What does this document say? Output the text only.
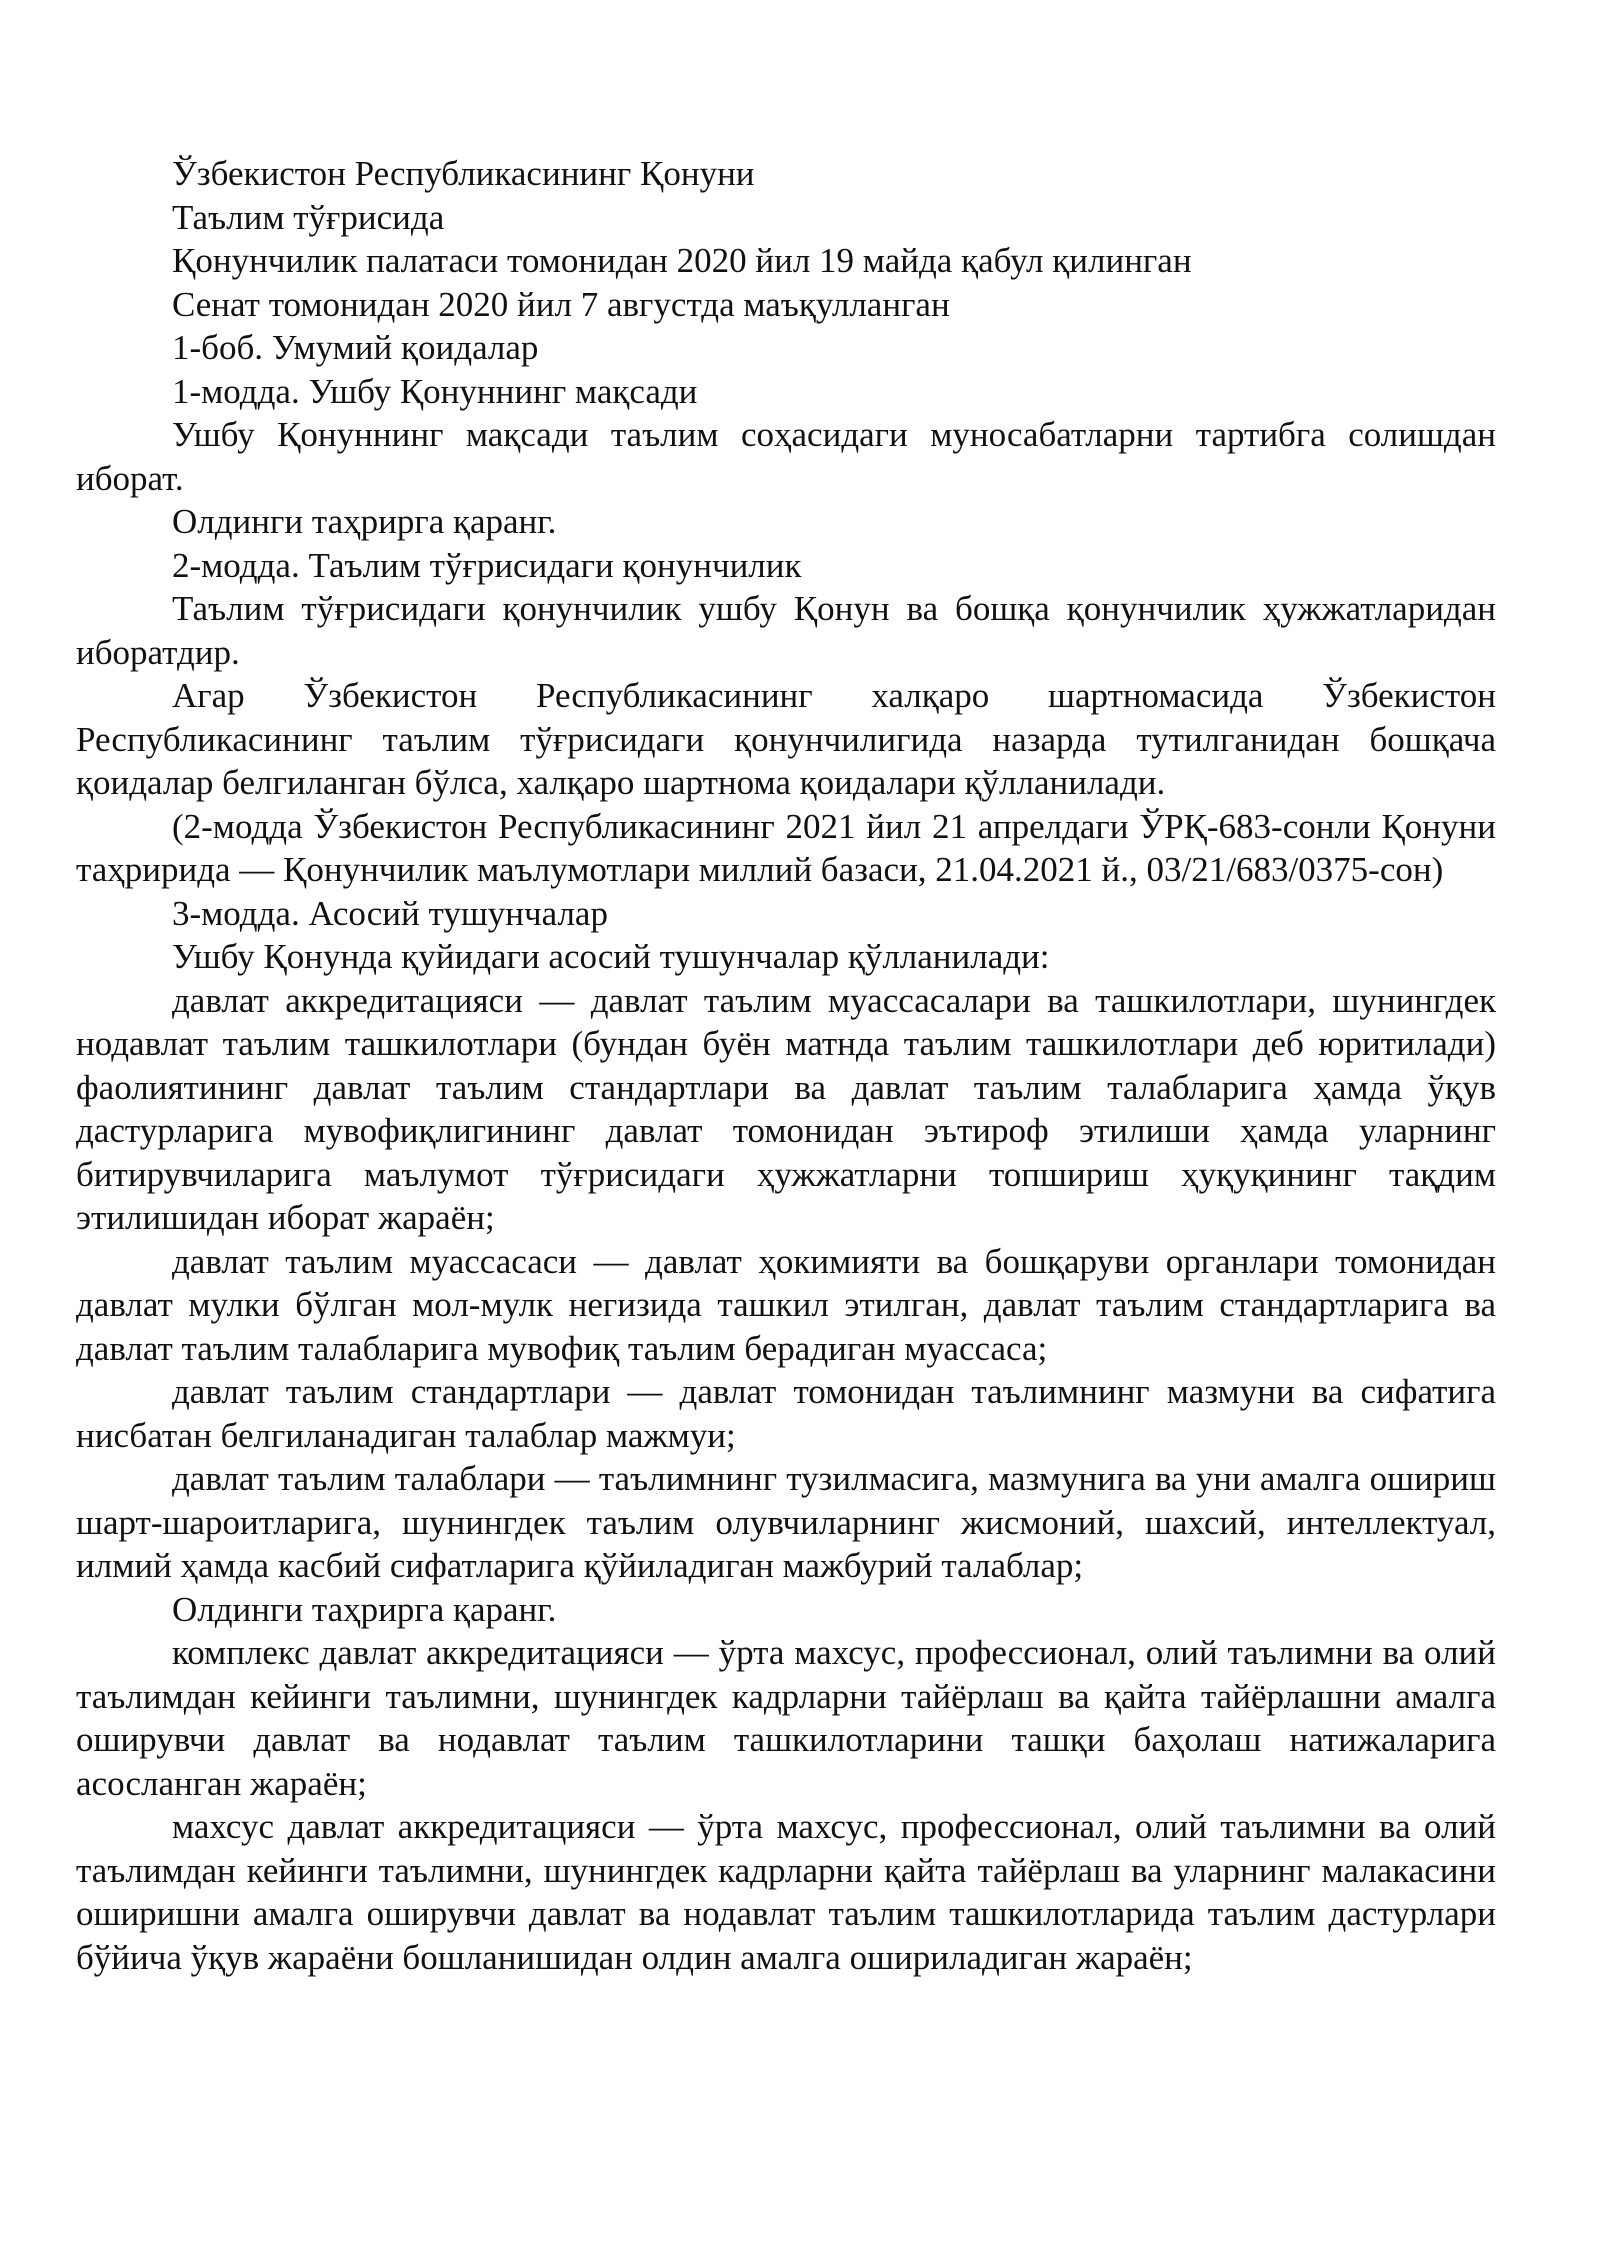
Ўзбекистон Республикасининг Қонуни

Таълим тўғрисида

Қонунчилик палатаси томонидан 2020 йил 19 майда қабул қилинган

Сенат томонидан 2020 йил 7 августда маъқулланган

1-боб. Умумий қоидалар

1-модда. Ушбу Қонуннинг мақсади

Ушбу Қонуннинг мақсади таълим соҳасидаги муносабатларни тартибга солишдан иборат.

Олдинги таҳрирга қаранг.

2-модда. Таълим тўғрисидаги қонунчилик

Таълим тўғрисидаги қонунчилик ушбу Қонун ва бошқа қонунчилик ҳужжатларидан иборатдир.

Агар Ўзбекистон Республикасининг халқаро шартномасида Ўзбекистон Республикасининг таълим тўғрисидаги қонунчилигида назарда тутилганидан бошқача қоидалар белгиланган бўлса, халқаро шартнома қоидалари қўлланилади.

(2-модда Ўзбекистон Республикасининг 2021 йил 21 апрелдаги ЎРҚ-683-сонли Қонуни таҳририда — Қонунчилик маълумотлари миллий базаси, 21.04.2021 й., 03/21/683/0375-сон)

3-модда. Асосий тушунчалар

Ушбу Қонунда қуйидаги асосий тушунчалар қўлланилади:

давлат аккредитацияси — давлат таълим муассасалари ва ташкилотлари, шунингдек нодавлат таълим ташкилотлари (бундан буён матнда таълим ташкилотлари деб юритилади) фаолиятининг давлат таълим стандартлари ва давлат таълим талабларига ҳамда ўқув дастурларига мувофиқлигининг давлат томонидан эътироф этилиши ҳамда уларнинг битирувчиларига маълумот тўғрисидаги ҳужжатларни топшириш ҳуқуқининг тақдим этилишидан иборат жараён;

давлат таълим муассасаси — давлат ҳокимияти ва бошқаруви органлари томонидан давлат мулки бўлган мол-мулк негизида ташкил этилган, давлат таълим стандартларига ва давлат таълим талабларига мувофиқ таълим берадиган муассаса;

давлат таълим стандартлари — давлат томонидан таълимнинг мазмуни ва сифатига нисбатан белгиланадиган талаблар мажмуи;

давлат таълим талаблари — таълимнинг тузилмасига, мазмунига ва уни амалга ошириш шарт-шароитларига, шунингдек таълим олувчиларнинг жисмоний, шахсий, интеллектуал, илмий ҳамда касбий сифатларига қўйиладиган мажбурий талаблар;

Олдинги таҳрирга қаранг.

комплекс давлат аккредитацияси — ўрта махсус, профессионал, олий таълимни ва олий таълимдан кейинги таълимни, шунингдек кадрларни тайёрлаш ва қайта тайёрлашни амалга оширувчи давлат ва нодавлат таълим ташкилотларини ташқи баҳолаш натижаларига асосланган жараён;

махсус давлат аккредитацияси — ўрта махсус, профессионал, олий таълимни ва олий таълимдан кейинги таълимни, шунингдек кадрларни қайта тайёрлаш ва уларнинг малакасини оширишни амалга оширувчи давлат ва нодавлат таълим ташкилотларида таълим дастурлари бўйича ўқув жараёни бошланишидан олдин амалга ошириладиган жараён;
